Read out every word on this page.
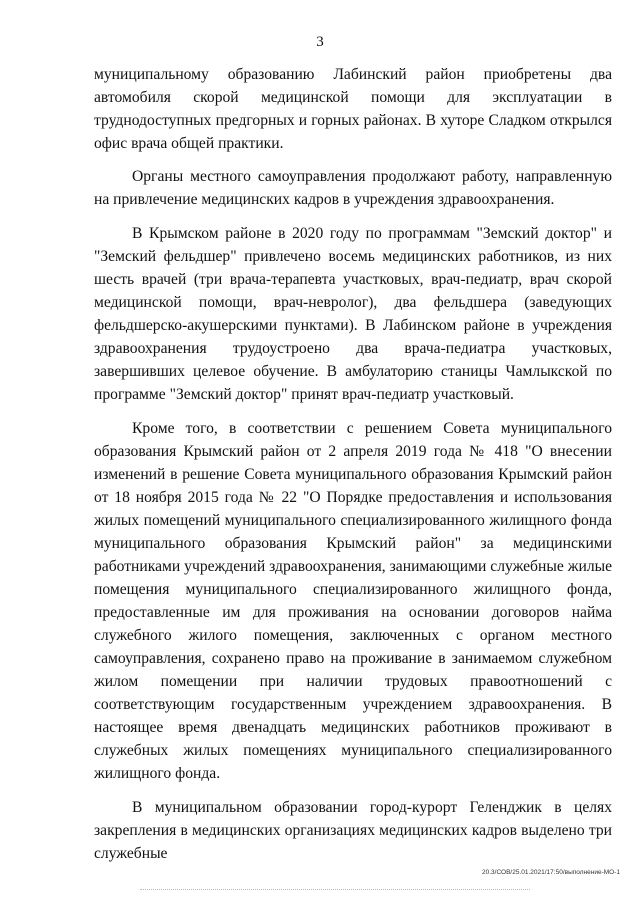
3

муниципальному образованию Лабинский район приобретены два автомобиля скорой медицинской помощи для эксплуатации в труднодоступных предгорных и горных районах. В хуторе Сладком открылся офис врача общей практики.

Органы местного самоуправления продолжают работу, направленную на привлечение медицинских кадров в учреждения здравоохранения.

В Крымском районе в 2020 году по программам "Земский доктор" и "Земский фельдшер" привлечено восемь медицинских работников, из них шесть врачей (три врача-терапевта участковых, врач-педиатр, врач скорой медицинской помощи, врач-невролог), два фельдшера (заведующих фельдшерско-акушерскими пунктами). В Лабинском районе в учреждения здравоохранения трудоустроено два врача-педиатра участковых, завершивших целевое обучение. В амбулаторию станицы Чамлыкской по программе "Земский доктор" принят врач-педиатр участковый.

Кроме того, в соответствии с решением Совета муниципального образования Крымский район от 2 апреля 2019 года № 418 "О внесении изменений в решение Совета муниципального образования Крымский район от 18 ноября 2015 года № 22 "О Порядке предоставления и использования жилых помещений муниципального специализированного жилищного фонда муниципального образования Крымский район" за медицинскими работниками учреждений здравоохранения, занимающими служебные жилые помещения муниципального специализированного жилищного фонда, предоставленные им для проживания на основании договоров найма служебного жилого помещения, заключенных с органом местного самоуправления, сохранено право на проживание в занимаемом служебном жилом помещении при наличии трудовых правоотношений с соответствующим государственным учреждением здравоохранения. В настоящее время двенадцать медицинских работников проживают в служебных жилых помещениях муниципального специализированного жилищного фонда.

В муниципальном образовании город-курорт Геленджик в целях закрепления в медицинских организациях медицинских кадров выделено три служебные

20.3/СОВ/25.01.2021/17:50/выполнение-МО-1
